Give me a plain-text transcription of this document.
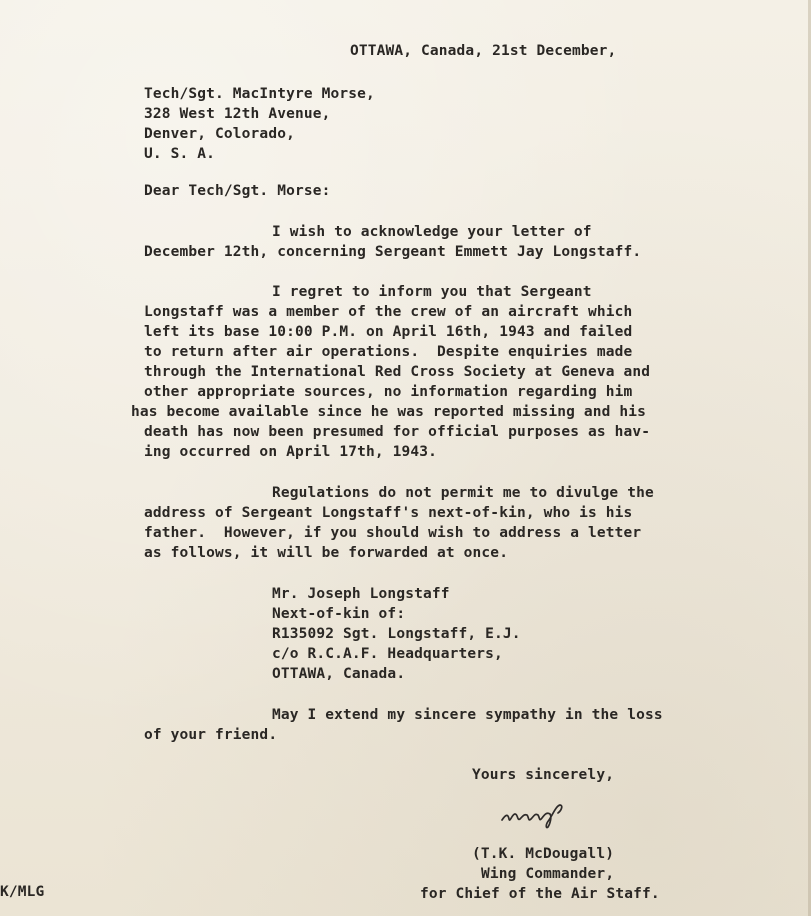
OTTAWA, Canada, 21st December,
Tech/Sgt. MacIntyre Morse,
328 West 12th Avenue,
Denver, Colorado,
U. S. A.
Dear Tech/Sgt. Morse:
I wish to acknowledge your letter of
December 12th, concerning Sergeant Emmett Jay Longstaff.
I regret to inform you that Sergeant
Longstaff was a member of the crew of an aircraft which
left its base 10:00 P.M. on April 16th, 1943 and failed
to return after air operations.  Despite enquiries made
through the International Red Cross Society at Geneva and
other appropriate sources, no information regarding him
has become available since he was reported missing and his
death has now been presumed for official purposes as hav-
ing occurred on April 17th, 1943.
Regulations do not permit me to divulge the
address of Sergeant Longstaff's next-of-kin, who is his
father.  However, if you should wish to address a letter
as follows, it will be forwarded at once.
Mr. Joseph Longstaff
Next-of-kin of:
R135092 Sgt. Longstaff, E.J.
c/o R.C.A.F. Headquarters,
OTTAWA, Canada.
May I extend my sincere sympathy in the loss
of your friend.
Yours sincerely,
(T.K. McDougall)
Wing Commander,
for Chief of the Air Staff.
K/MLG
